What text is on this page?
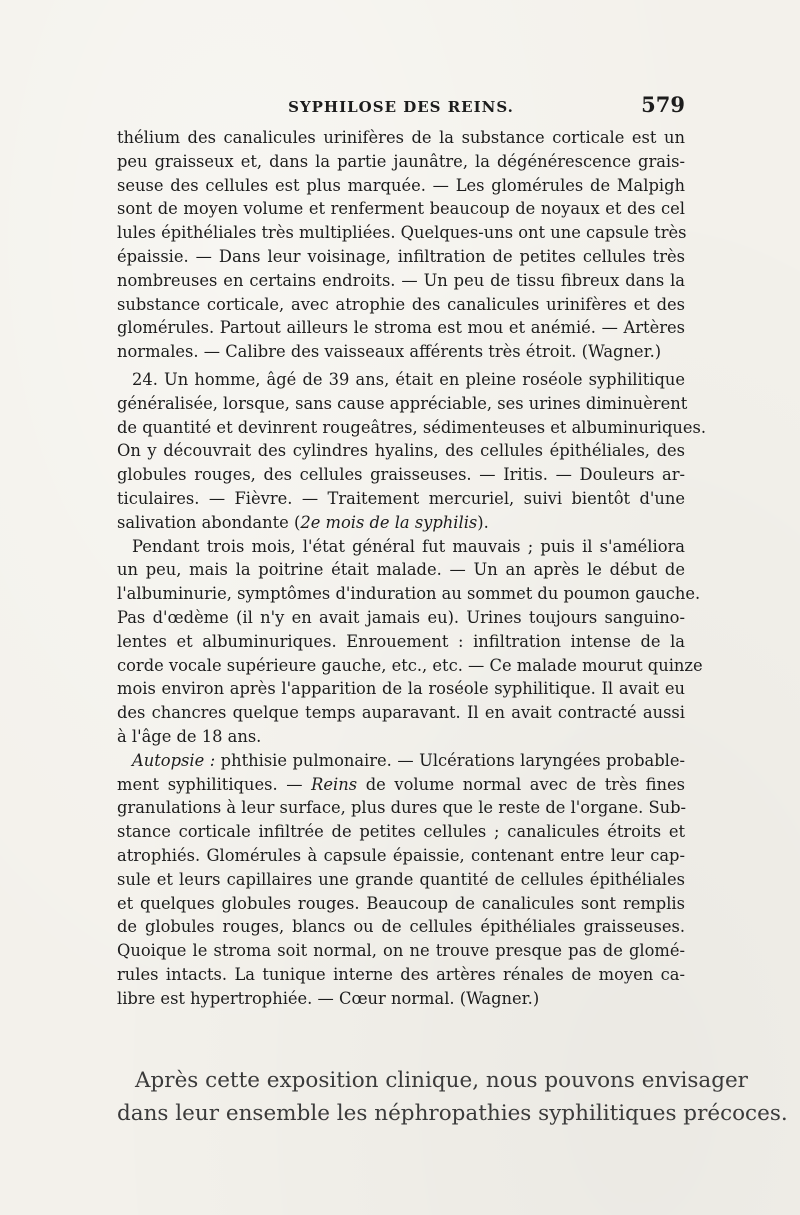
SYPHILOSE DES REINS.	579
thélium des canalicules urinifères de la substance corticale est un
peu graisseux et, dans la partie jaunâtre, la dégénérescence grais-
seuse des cellules est plus marquée. — Les glomérules de Malpigh
sont de moyen volume et renferment beaucoup de noyaux et des cel
lules épithéliales très multipliées. Quelques-uns ont une capsule très
épaissie. — Dans leur voisinage, infiltration de petites cellules très
nombreuses en certains endroits. — Un peu de tissu fibreux dans la
substance corticale, avec atrophie des canalicules urinifères et des
glomérules. Partout ailleurs le stroma est mou et anémié. — Artères
normales. — Calibre des vaisseaux afférents très étroit. (Wagner.)
24. Un homme, âgé de 39 ans, était en pleine roséole syphilitique
généralisée, lorsque, sans cause appréciable, ses urines diminuèrent
de quantité et devinrent rougeâtres, sédimenteuses et albuminuriques.
On y découvrait des cylindres hyalins, des cellules épithéliales, des
globules rouges, des cellules graisseuses. — Iritis. — Douleurs ar-
ticulaires. — Fièvre. — Traitement mercuriel, suivi bientôt d'une
salivation abondante (2e mois de la syphilis).
Pendant trois mois, l'état général fut mauvais ; puis il s'améliora
un peu, mais la poitrine était malade. — Un an après le début de
l'albuminurie, symptômes d'induration au sommet du poumon gauche.
Pas d'œdème (il n'y en avait jamais eu). Urines toujours sanguino-
lentes et albuminuriques. Enrouement : infiltration intense de la
corde vocale supérieure gauche, etc., etc. — Ce malade mourut quinze
mois environ après l'apparition de la roséole syphilitique. Il avait eu
des chancres quelque temps auparavant. Il en avait contracté aussi
à l'âge de 18 ans.
Autopsie : phthisie pulmonaire. — Ulcérations laryngées probable-
ment syphilitiques. — Reins de volume normal avec de très fines
granulations à leur surface, plus dures que le reste de l'organe. Sub-
stance corticale infiltrée de petites cellules ; canalicules étroits et
atrophiés. Glomérules à capsule épaissie, contenant entre leur cap-
sule et leurs capillaires une grande quantité de cellules épithéliales
et quelques globules rouges. Beaucoup de canalicules sont remplis
de globules rouges, blancs ou de cellules épithéliales graisseuses.
Quoique le stroma soit normal, on ne trouve presque pas de glomé-
rules intacts. La tunique interne des artères rénales de moyen ca-
libre est hypertrophiée. — Cœur normal. (Wagner.)
Après cette exposition clinique, nous pouvons envisager
dans leur ensemble les néphropathies syphilitiques précoces.
